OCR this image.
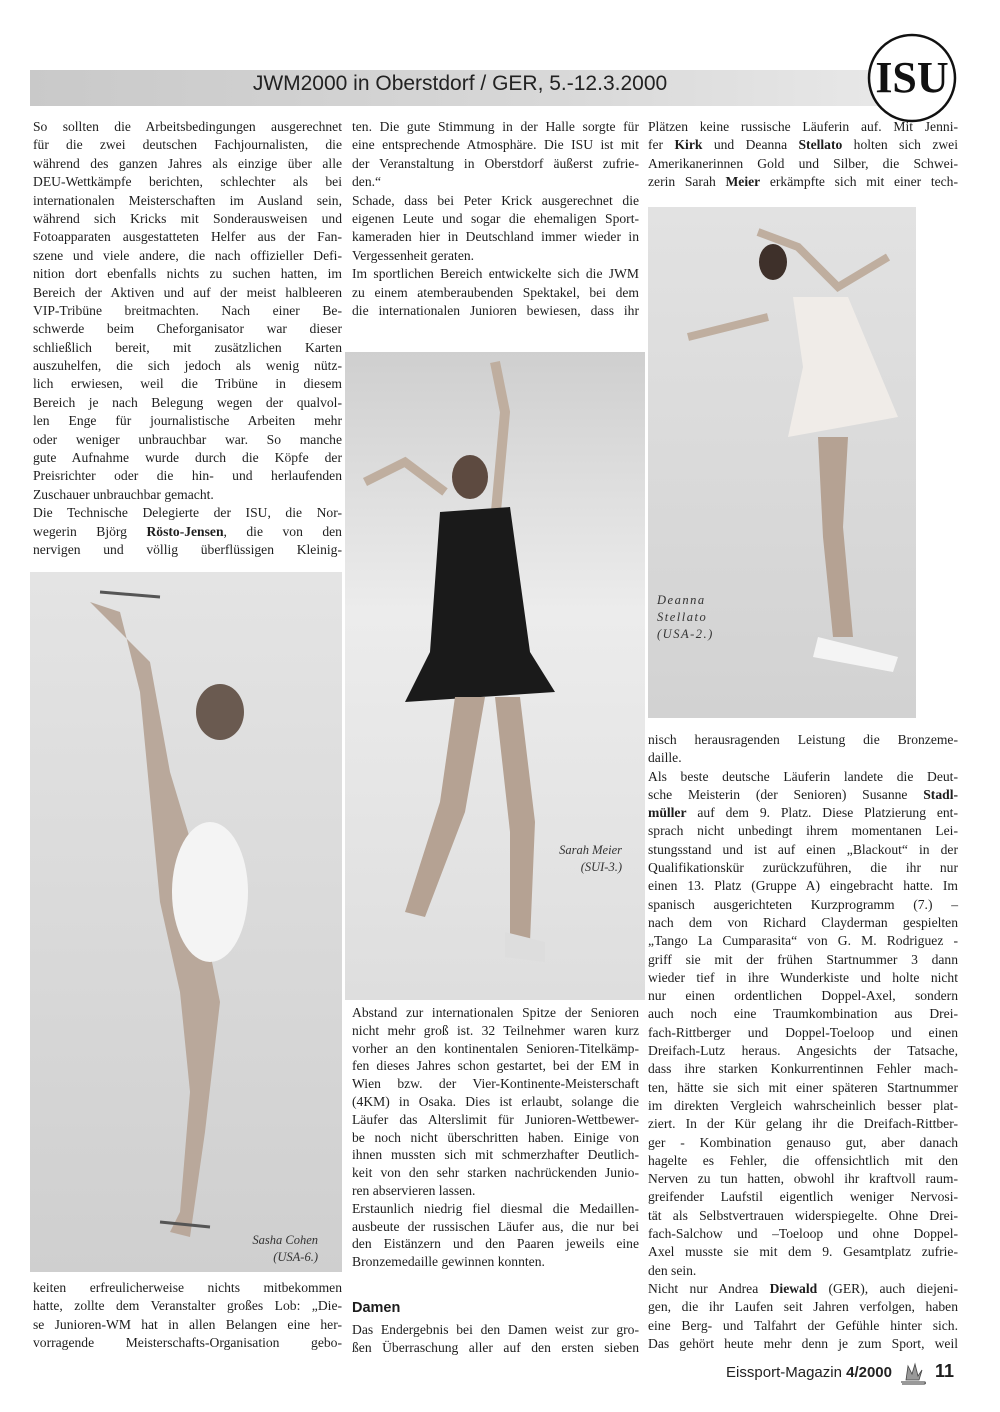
JWM2000 in Oberstdorf / GER, 5.-12.3.2000	ISU
Sasha Cohen
(USA-6.)
Sarah Meier
(SUI-3.)
Deanna
Stellato
(USA-2.)
So sollten die Arbeitsbedingungen ausgerechnet
für die zwei deutschen Fachjournalisten, die
während des ganzen Jahres als einzige über alle
DEU-Wettkämpfe berichten, schlechter als bei
internationalen Meisterschaften im Ausland sein,
während sich Kricks mit Sonderausweisen und
Fotoapparaten ausgestatteten Helfer aus der Fan-
szene und viele andere, die nach offizieller Defi-
nition dort ebenfalls nichts zu suchen hatten, im
Bereich der Aktiven und auf der meist halbleeren
VIP-Tribüne breitmachten. Nach einer Be-
schwerde beim Cheforganisator war dieser
schließlich bereit, mit zusätzlichen Karten
auszuhelfen, die sich jedoch als wenig nütz-
lich erwiesen, weil die Tribüne in diesem
Bereich je nach Belegung wegen der qualvol-
len Enge für journalistische Arbeiten mehr
oder weniger unbrauchbar war. So manche
gute Aufnahme wurde durch die Köpfe der
Preisrichter oder die hin- und herlaufenden
Zuschauer unbrauchbar gemacht.
Die Technische Delegierte der ISU, die Nor-
wegerin Björg Rösto-Jensen, die von den
nervigen und völlig überflüssigen Kleinig-
keiten erfreulicherweise nichts mitbekommen
hatte, zollte dem Veranstalter großes Lob: „Die-
se Junioren-WM hat in allen Belangen eine her-
vorragende Meisterschafts-Organisation gebo-
ten. Die gute Stimmung in der Halle sorgte für
eine entsprechende Atmosphäre. Die ISU ist mit
der Veranstaltung in Oberstdorf äußerst zufrie-
den.“
Schade, dass bei Peter Krick ausgerechnet die
eigenen Leute und sogar die ehemaligen Sport-
kameraden hier in Deutschland immer wieder in
Vergessenheit geraten.
Im sportlichen Bereich entwickelte sich die JWM
zu einem atemberaubenden Spektakel, bei dem
die internationalen Junioren bewiesen, dass ihr
Abstand zur internationalen Spitze der Senioren
nicht mehr groß ist. 32 Teilnehmer waren kurz
vorher an den kontinentalen Senioren-Titelkämp-
fen dieses Jahres schon gestartet, bei der EM in
Wien bzw. der Vier-Kontinente-Meisterschaft
(4KM) in Osaka. Dies ist erlaubt, solange die
Läufer das Alterslimit für Junioren-Wettbewer-
be noch nicht überschritten haben. Einige von
ihnen mussten sich mit schmerzhafter Deutlich-
keit von den sehr starken nachrückenden Junio-
ren abservieren lassen.
Erstaunlich niedrig fiel diesmal die Medaillen-
ausbeute der russischen Läufer aus, die nur bei
den Eistänzern und den Paaren jeweils eine
Bronzemedaille gewinnen konnten.
Damen
Das Endergebnis bei den Damen weist zur gro-
ßen Überraschung aller auf den ersten sieben
Plätzen keine russische Läuferin auf. Mit Jenni-
fer Kirk und Deanna Stellato holten sich zwei
Amerikanerinnen Gold und Silber, die Schwei-
zerin Sarah Meier erkämpfte sich mit einer tech-
nisch herausragenden Leistung die Bronzeme-
daille.
Als beste deutsche Läuferin landete die Deut-
sche Meisterin (der Senioren) Susanne Stadl-
müller auf dem 9. Platz. Diese Platzierung ent-
sprach nicht unbedingt ihrem momentanen Lei-
stungsstand und ist auf einen „Blackout“ in der
Qualifikationskür zurückzuführen, die ihr nur
einen 13. Platz (Gruppe A) eingebracht hatte. Im
spanisch ausgerichteten Kurzprogramm (7.) –
nach dem von Richard Clayderman gespielten
„Tango La Cumparasita“ von G. M. Rodriguez -
griff sie mit der frühen Startnummer 3 dann
wieder tief in ihre Wunderkiste und holte nicht
nur einen ordentlichen Doppel-Axel, sondern
auch noch eine Traumkombination aus Drei-
fach-Rittberger und Doppel-Toeloop und einen
Dreifach-Lutz heraus. Angesichts der Tatsache,
dass ihre starken Konkurrentinnen Fehler mach-
ten, hätte sie sich mit einer späteren Startnummer
im direkten Vergleich wahrscheinlich besser plat-
ziert. In der Kür gelang ihr die Dreifach-Rittber-
ger - Kombination genauso gut, aber danach
hagelte es Fehler, die offensichtlich mit den
Nerven zu tun hatten, obwohl ihr kraftvoll raum-
greifender Laufstil eigentlich weniger Nervosi-
tät als Selbstvertrauen widerspiegelte. Ohne Drei-
fach-Salchow und –Toeloop und ohne Doppel-
Axel musste sie mit dem 9. Gesamtplatz zufrie-
den sein.
Nicht nur Andrea Diewald (GER), auch diejeni-
gen, die ihr Laufen seit Jahren verfolgen, haben
eine Berg- und Talfahrt der Gefühle hinter sich.
Das gehört heute mehr denn je zum Sport, weil
Eissport-Magazin 4/2000 11
